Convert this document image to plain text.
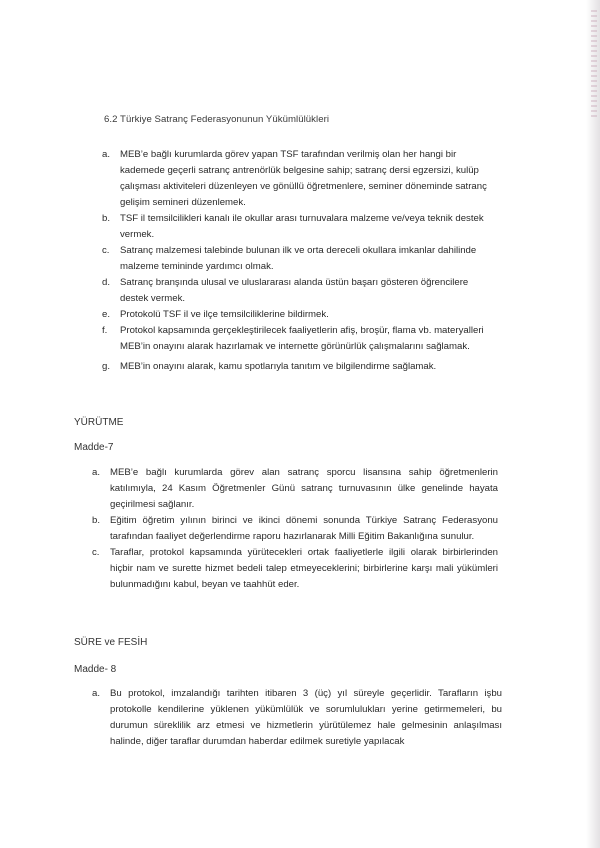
6.2 Türkiye Satranç Federasyonunun Yükümlülükleri
a. MEB’e bağlı kurumlarda görev yapan TSF tarafından verilmiş olan her hangi bir kademede geçerli satranç antrenörlük belgesine sahip; satranç dersi egzersizi, kulüp çalışması aktiviteleri düzenleyen ve gönüllü öğretmenlere, seminer döneminde satranç gelişim semineri düzenlemek.
b. TSF il temsilcilikleri kanalı ile okullar arası turnuvalara malzeme ve/veya teknik destek vermek.
c. Satranç malzemesi talebinde bulunan ilk ve orta dereceli okullara imkanlar dahilinde malzeme temininde yardımcı olmak.
d. Satranç branşında ulusal ve uluslararası alanda üstün başarı gösteren öğrencilere destek vermek.
e. Protokolü TSF il ve ilçe temsilciliklerine bildirmek.
f. Protokol kapsamında gerçekleştirilecek faaliyetlerin afiş, broşür, flama vb. materyalleri MEB’in onayını alarak hazırlamak ve internette görünürlük çalışmalarını sağlamak.
g. MEB’in onayını alarak, kamu spotlarıyla tanıtım ve bilgilendirme sağlamak.
YÜRÜTME
Madde-7
a. MEB’e bağlı kurumlarda görev alan satranç sporcu lisansına sahip öğretmenlerin katılımıyla, 24 Kasım Öğretmenler Günü satranç turnuvasının ülke genelinde hayata geçirilmesi sağlanır.
b. Eğitim öğretim yılının birinci ve ikinci dönemi sonunda Türkiye Satranç Federasyonu tarafından faaliyet değerlendirme raporu hazırlanarak Milli Eğitim Bakanlığına sunulur.
c. Taraflar, protokol kapsamında yürütecekleri ortak faaliyetlerle ilgili olarak birbirlerinden hiçbir nam ve surette hizmet bedeli talep etmeyeceklerini; birbirlerine karşı mali yükümleri bulunmadığını kabul, beyan ve taahhüt eder.
SÜRE ve FESİH
Madde- 8
a. Bu protokol, imzalandığı tarihten itibaren 3 (üç) yıl süreyle geçerlidir. Tarafların işbu protokolle kendilerine yüklenen yükümlülük ve sorumlulukları yerine getirmemeleri, bu durumun süreklilik arz etmesi ve hizmetlerin yürütülemez hale gelmesinin anlaşılması halinde, diğer taraflar durumdan haberdar edilmek suretiyle yapılacak
